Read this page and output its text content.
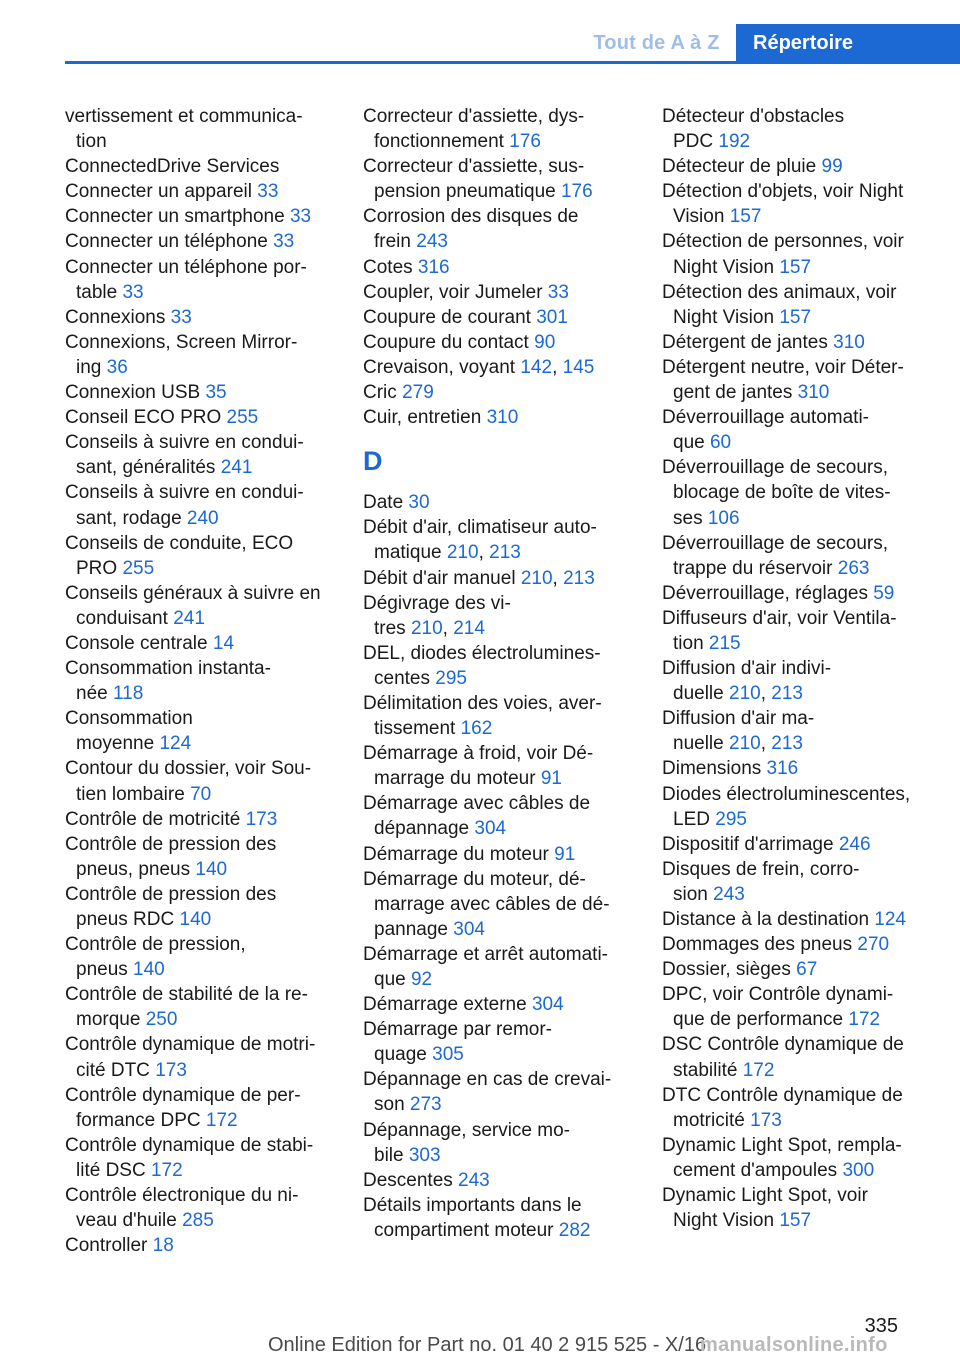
Tout de A à Z	Répertoire

vertissement et communica-
tion

ConnectedDrive Services

Connecter un appareil 33

Connecter un smartphone 33

Connecter un téléphone 33

Connecter un téléphone por-
table 33

Connexions 33

Connexions, Screen Mirror-
ing 36

Connexion USB 35

Conseil ECO PRO 255

Conseils à suivre en condui-
sant, généralités 241

Conseils à suivre en condui-
sant, rodage 240

Conseils de conduite, ECO
PRO 255

Conseils généraux à suivre en
conduisant 241

Console centrale 14

Consommation instanta-
née 118

Consommation
moyenne 124

Contour du dossier, voir Sou-
tien lombaire 70

Contrôle de motricité 173

Contrôle de pression des
pneus, pneus 140

Contrôle de pression des
pneus RDC 140

Contrôle de pression,
pneus 140

Contrôle de stabilité de la re-
morque 250

Contrôle dynamique de motri-
cité DTC 173

Contrôle dynamique de per-
formance DPC 172

Contrôle dynamique de stabi-
lité DSC 172

Contrôle électronique du ni-
veau d'huile 285

Controller 18

Correcteur d'assiette, dys-
fonctionnement 176

Correcteur d'assiette, sus-
pension pneumatique 176

Corrosion des disques de
frein 243

Cotes 316

Coupler, voir Jumeler 33

Coupure de courant 301

Coupure du contact 90

Crevaison, voyant 142, 145

Cric 279

Cuir, entretien 310

D

Date 30

Débit d'air, climatiseur auto-
matique 210, 213

Débit d'air manuel 210, 213

Dégivrage des vi-
tres 210, 214

DEL, diodes électrolumines-
centes 295

Délimitation des voies, aver-
tissement 162

Démarrage à froid, voir Dé-
marrage du moteur 91

Démarrage avec câbles de
dépannage 304

Démarrage du moteur 91

Démarrage du moteur, dé-
marrage avec câbles de dé-
pannage 304

Démarrage et arrêt automati-
que 92

Démarrage externe 304

Démarrage par remor-
quage 305

Dépannage en cas de crevai-
son 273

Dépannage, service mo-
bile 303

Descentes 243

Détails importants dans le
compartiment moteur 282

Détecteur d'obstacles
PDC 192

Détecteur de pluie 99

Détection d'objets, voir Night
Vision 157

Détection de personnes, voir
Night Vision 157

Détection des animaux, voir
Night Vision 157

Détergent de jantes 310

Détergent neutre, voir Déter-
gent de jantes 310

Déverrouillage automati-
que 60

Déverrouillage de secours,
blocage de boîte de vites-
ses 106

Déverrouillage de secours,
trappe du réservoir 263

Déverrouillage, réglages 59

Diffuseurs d'air, voir Ventila-
tion 215

Diffusion d'air indivi-
duelle 210, 213

Diffusion d'air ma-
nuelle 210, 213

Dimensions 316

Diodes électroluminescentes,
LED 295

Dispositif d'arrimage 246

Disques de frein, corro-
sion 243

Distance à la destination 124

Dommages des pneus 270

Dossier, sièges 67

DPC, voir Contrôle dynami-
que de performance 172

DSC Contrôle dynamique de
stabilité 172

DTC Contrôle dynamique de
motricité 173

Dynamic Light Spot, rempla-
cement d'ampoules 300

Dynamic Light Spot, voir
Night Vision 157

335
Online Edition for Part no. 01 40 2 915 525 - X/16
manualsonline.info
